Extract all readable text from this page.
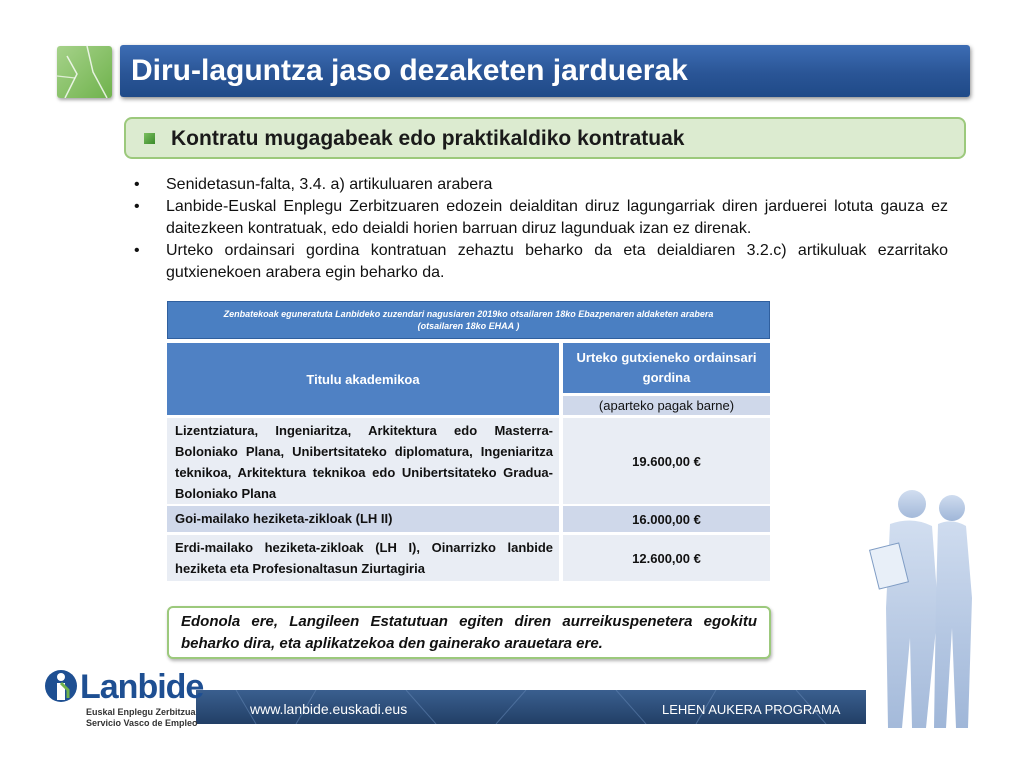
Diru-laguntza jaso dezaketen jarduerak
Kontratu mugagabeak edo praktikaldiko kontratuak
• Senidetasun-falta, 3.4. a) artikuluaren arabera
• Lanbide-Euskal Enplegu Zerbitzuaren edozein deialditan diruz lagungarriak diren jarduerei lotuta gauza ez daitezkeen kontratuak, edo deialdi horien barruan diruz lagunduak izan ez direnak.
• Urteko ordainsari gordina kontratuan zehaztu beharko da eta deialdiaren 3.2.c) artikuluak ezarritako gutxienekoen arabera egin beharko da.
Zenbatekoak eguneratuta Lanbideko zuzendari nagusiaren 2019ko otsailaren 18ko Ebazpenaren aldaketen arabera
(otsailaren 18ko EHAA )
Titulu akademikoa
Urteko gutxieneko ordainsari gordina
(aparteko pagak barne)
Lizentziatura, Ingeniaritza, Arkitektura edo Masterra-Boloniako Plana, Unibertsitateko diplomatura, Ingeniaritza teknikoa, Arkitektura teknikoa edo Unibertsitateko Gradua- Boloniako Plana
19.600,00 €
Goi-mailako heziketa-zikloak (LH II)	16.000,00 €
Erdi-mailako heziketa-zikloak (LH I), Oinarrizko lanbide heziketa eta Profesionaltasun Ziurtagiria
12.600,00 €
Edonola ere, Langileen Estatutuan egiten diren aurreikuspenetera egokitu beharko dira, eta aplikatzekoa den gainerako arauetara ere.
www.lanbide.euskadi.eus	LEHEN AUKERA PROGRAMA
Lanbide
Euskal Enplegu Zerbitzua
Servicio Vasco de Empleo
